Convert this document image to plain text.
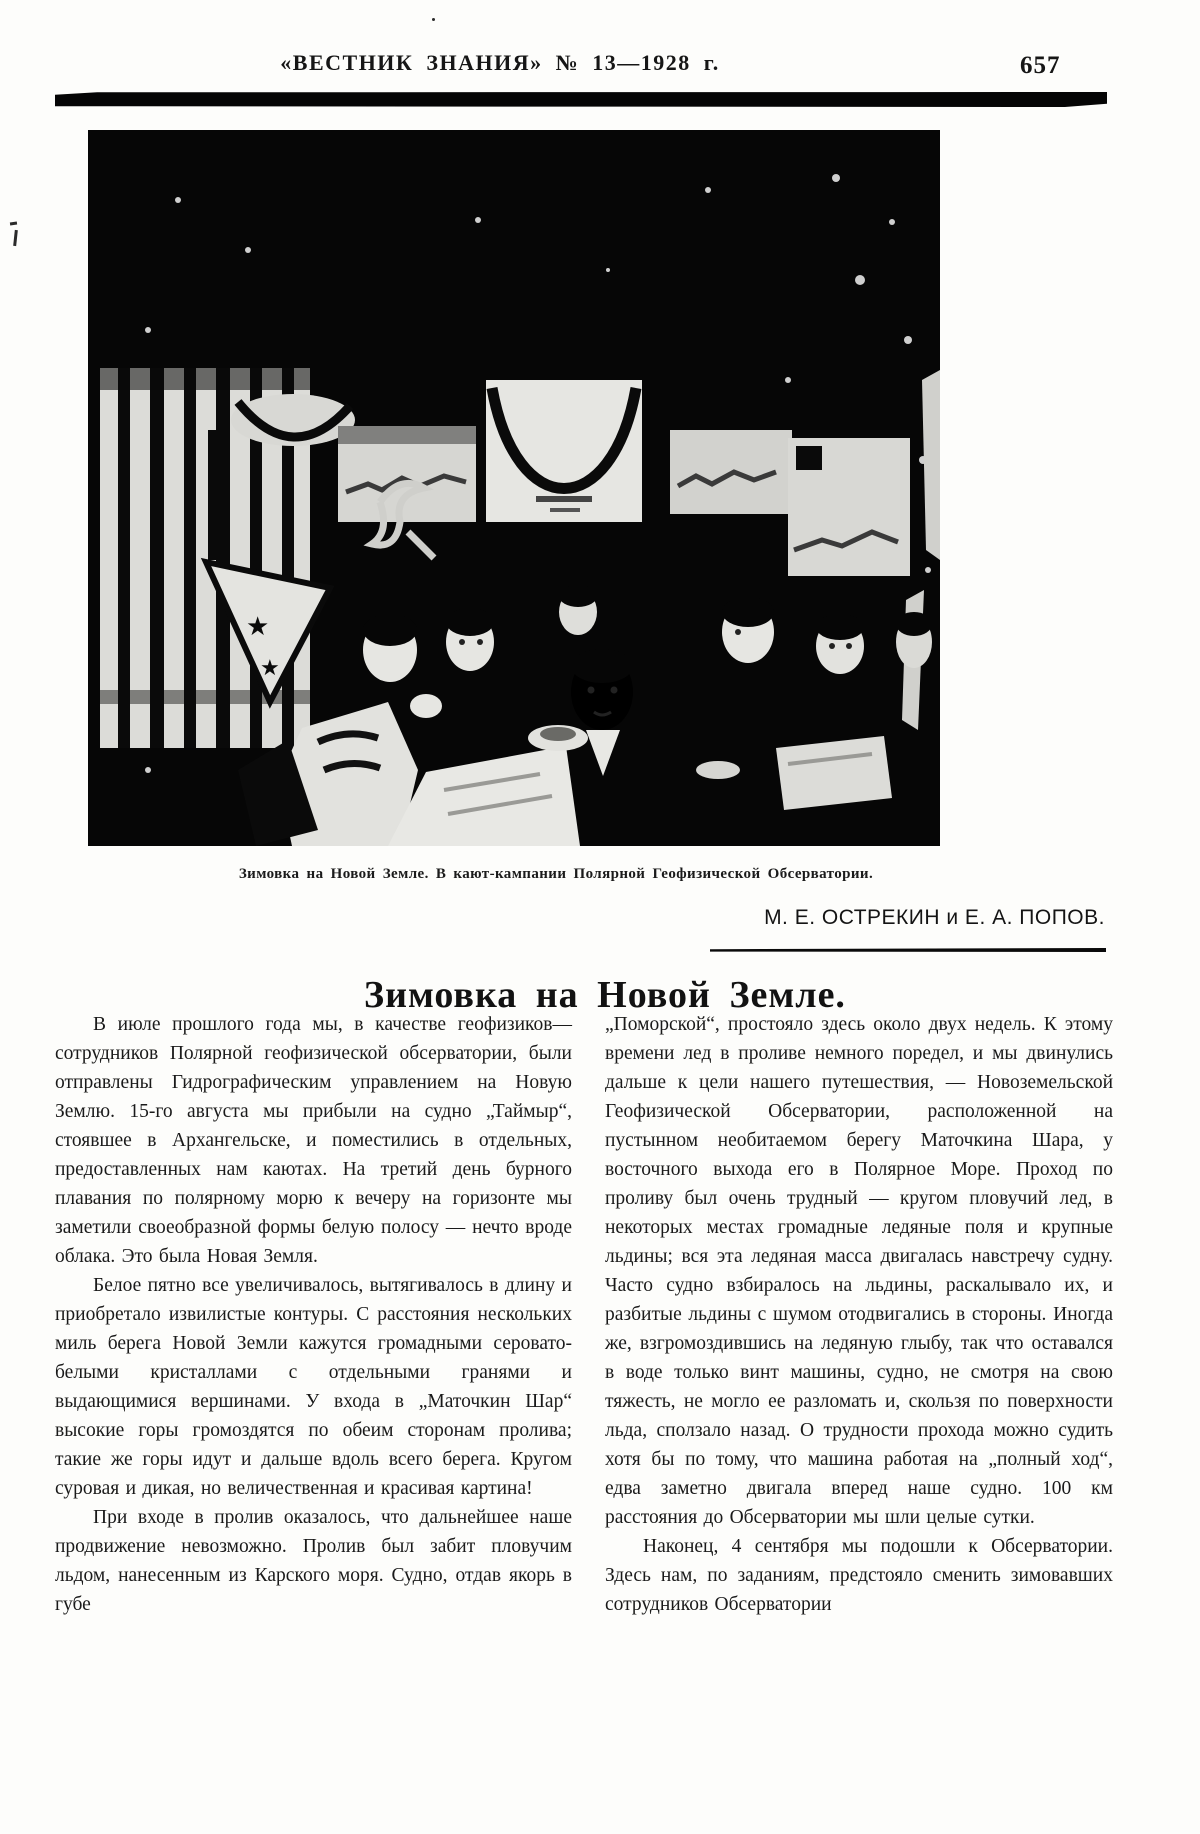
«ВЕСТНИК ЗНАНИЯ» № 13—1928 г.	657
★
★
Зимовка на Новой Земле. В кают-кампании Полярной Геофизической Обсерватории.
М. Е. ОСТРЕКИН и Е. А. ПОПОВ.
Зимовка на Новой Земле.

В июле прошлого года мы, в качестве геофизиков—сотрудников Полярной геофизической обсерватории, были отправлены Гидрографическим управлением на Новую Землю. 15-го августа мы прибыли на судно „Таймыр“, стоявшее в Архангельске, и поместились в отдельных, предоставленных нам каютах. На третий день бурного плавания по полярному морю к вечеру на горизонте мы заметили своеобразной формы белую полосу — нечто вроде облака. Это была Новая Земля.

Белое пятно все увеличивалось, вытягивалось в длину и приобретало извилистые контуры. С расстояния нескольких миль берега Новой Земли кажутся громадными серовато-белыми кристаллами с отдельными гранями и выдающимися вершинами. У входа в „Маточкин Шар“ высокие горы громоздятся по обеим сторонам пролива; такие же горы идут и дальше вдоль всего берега. Кругом суровая и дикая, но величественная и красивая картина!

При входе в пролив оказалось, что дальнейшее наше продвижение невозможно. Пролив был забит пловучим льдом, нанесенным из Карского моря. Судно, отдав якорь в губе

„Поморской“, простояло здесь около двух недель. К этому времени лед в проливе немного поредел, и мы двинулись дальше к цели нашего путешествия, — Новоземельской Геофизической Обсерватории, расположенной на пустынном необитаемом берегу Маточкина Шара, у восточного выхода его в Полярное Море. Проход по проливу был очень трудный — кругом пловучий лед, в некоторых местах громадные ледяные поля и крупные льдины; вся эта ледяная масса двигалась навстречу судну. Часто судно взбиралось на льдины, раскалывало их, и разбитые льдины с шумом отодвигались в стороны. Иногда же, взгромоздившись на ледяную глыбу, так что оставался в воде только винт машины, судно, не смотря на свою тяжесть, не могло ее разломать и, скользя по поверхности льда, сползало назад. О трудности прохода можно судить хотя бы по тому, что машина работая на „полный ход“, едва заметно двигала вперед наше судно. 100 км расстояния до Обсерватории мы шли целые сутки.

Наконец, 4 сентября мы подошли к Обсерватории. Здесь нам, по заданиям, предстояло сменить зимовавших сотрудников Обсерватории
